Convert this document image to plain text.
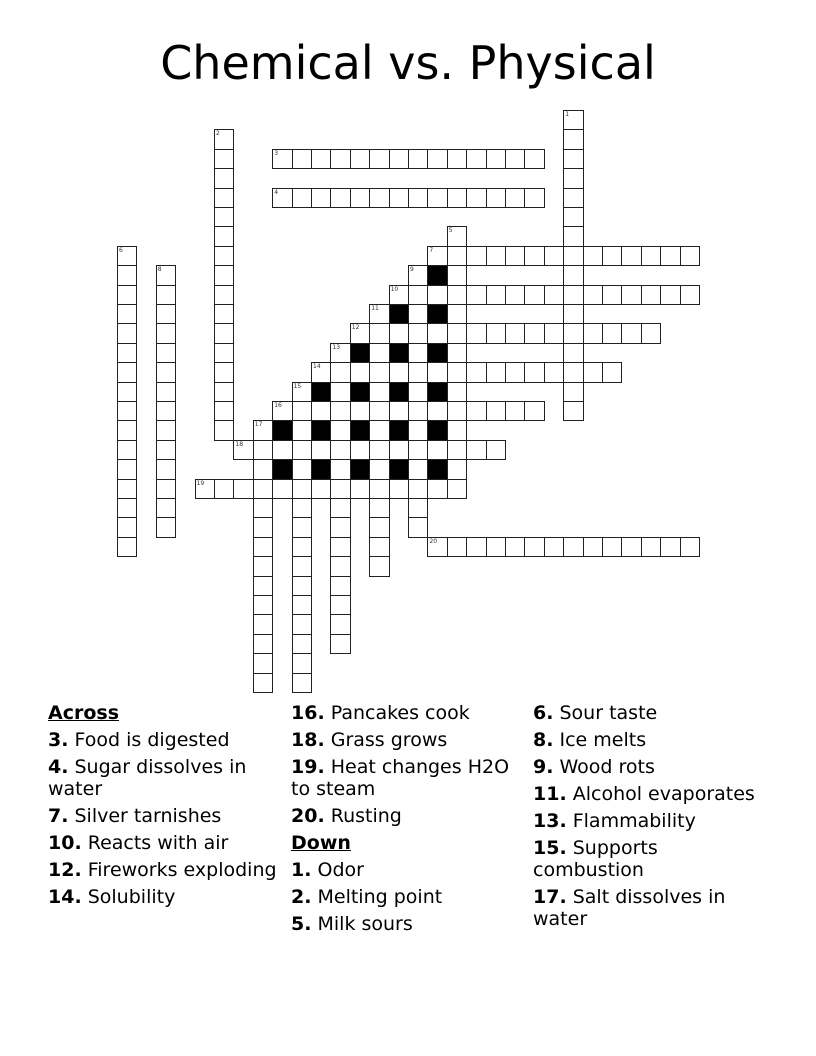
Chemical vs. Physical
1
2
3
4
5
6	7
8	9
10
11
12
13
14
15
16
17
18
19
20
Across
3. Food is digested
4. Sugar dissolves in water
7. Silver tarnishes
10. Reacts with air
12. Fireworks exploding
14. Solubility
16. Pancakes cook
18. Grass grows
19. Heat changes H2O to steam
20. Rusting
Down
1. Odor
2. Melting point
5. Milk sours
6. Sour taste
8. Ice melts
9. Wood rots
11. Alcohol evaporates
13. Flammability
15. Supports combustion
17. Salt dissolves in water
